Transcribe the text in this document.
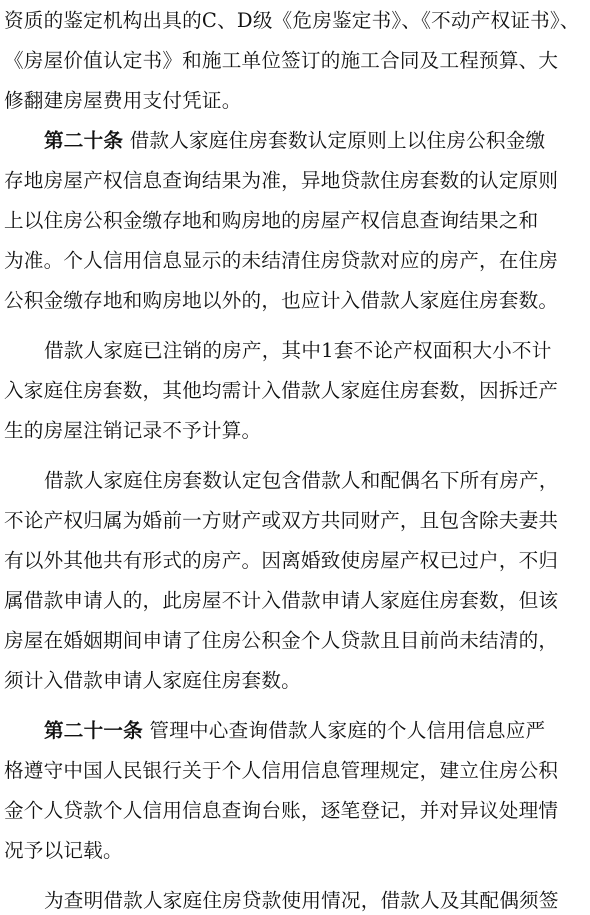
资质的鉴定机构出具的C、D级《危房鉴定书》、《不动产权证书》、
《房屋价值认定书》和施工单位签订的施工合同及工程预算、大
修翻建房屋费用支付凭证。
第二十条 借款人家庭住房套数认定原则上以住房公积金缴
存地房屋产权信息查询结果为准，异地贷款住房套数的认定原则
上以住房公积金缴存地和购房地的房屋产权信息查询结果之和
为准。个人信用信息显示的未结清住房贷款对应的房产，在住房
公积金缴存地和购房地以外的，也应计入借款人家庭住房套数。
借款人家庭已注销的房产，其中1套不论产权面积大小不计
入家庭住房套数，其他均需计入借款人家庭住房套数，因拆迁产
生的房屋注销记录不予计算。
借款人家庭住房套数认定包含借款人和配偶名下所有房产，
不论产权归属为婚前一方财产或双方共同财产，且包含除夫妻共
有以外其他共有形式的房产。因离婚致使房屋产权已过户，不归
属借款申请人的，此房屋不计入借款申请人家庭住房套数，但该
房屋在婚姻期间申请了住房公积金个人贷款且目前尚未结清的，
须计入借款申请人家庭住房套数。
第二十一条 管理中心查询借款人家庭的个人信用信息应严
格遵守中国人民银行关于个人信用信息管理规定，建立住房公积
金个人贷款个人信用信息查询台账，逐笔登记，并对异议处理情
况予以记载。
为查明借款人家庭住房贷款使用情况，借款人及其配偶须签
